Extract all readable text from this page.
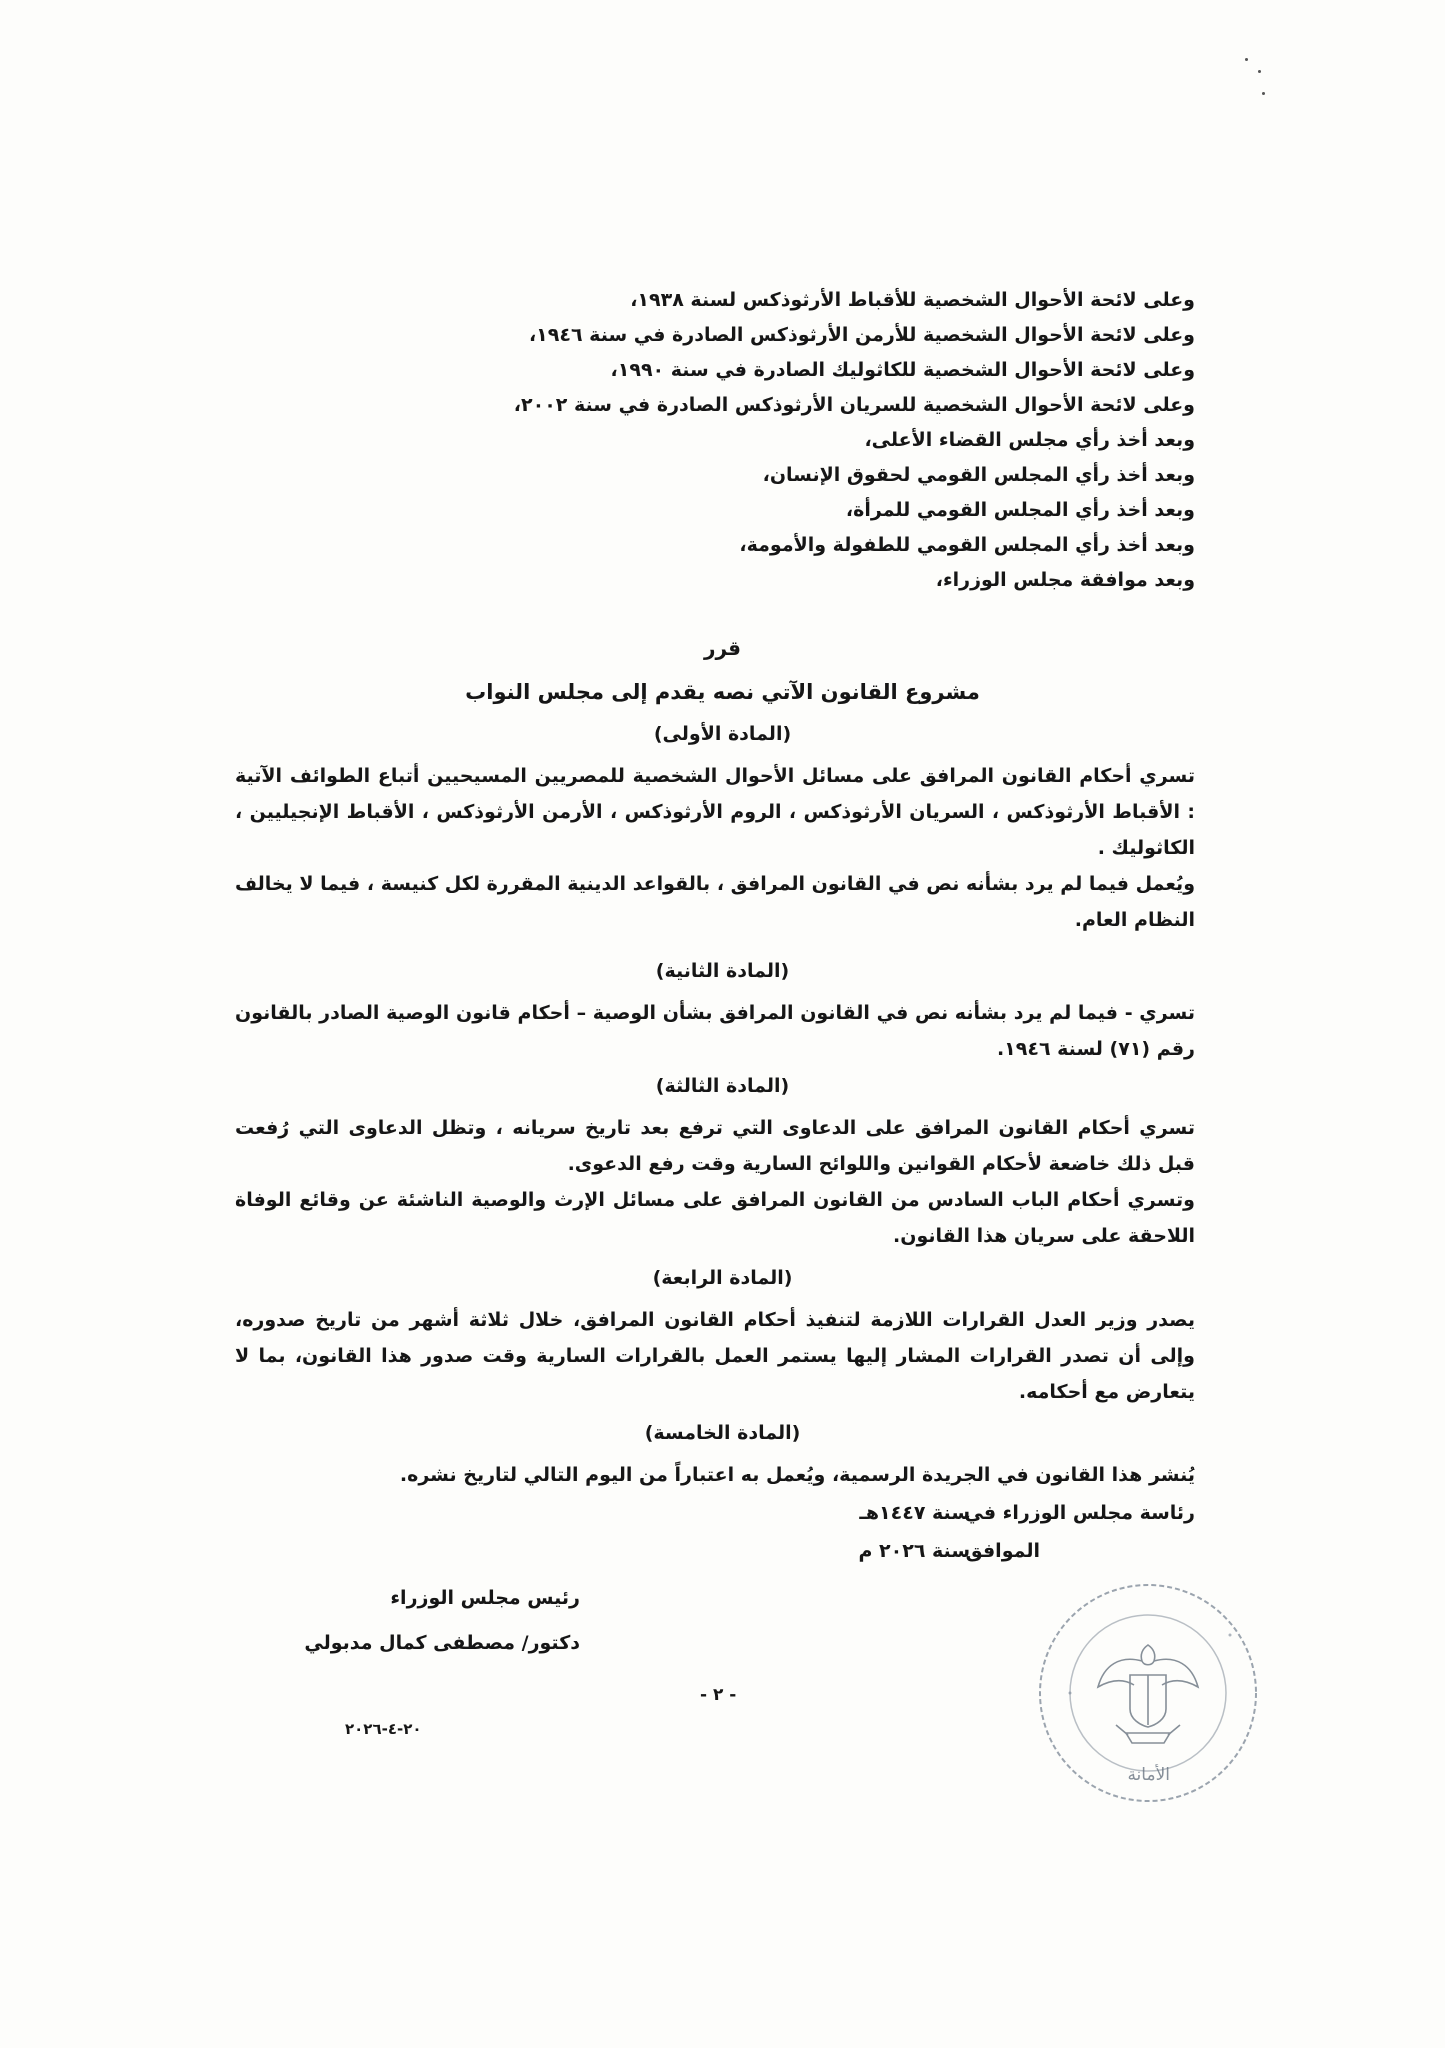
وعلى لائحة الأحوال الشخصية للأقباط الأرثوذكس لسنة ١٩٣٨،
وعلى لائحة الأحوال الشخصية للأرمن الأرثوذكس الصادرة في سنة ١٩٤٦،
وعلى لائحة الأحوال الشخصية للكاثوليك الصادرة في سنة ١٩٩٠،
وعلى لائحة الأحوال الشخصية للسريان الأرثوذكس الصادرة في سنة ٢٠٠٢،
وبعد أخذ رأي مجلس القضاء الأعلى،
وبعد أخذ رأي المجلس القومي لحقوق الإنسان،
وبعد أخذ رأي المجلس القومي للمرأة،
وبعد أخذ رأي المجلس القومي للطفولة والأمومة،
وبعد موافقة مجلس الوزراء،
قرر
مشروع القانون الآتي نصه يقدم إلى مجلس النواب
(المادة الأولى)
تسري أحكام القانون المرافق على مسائل الأحوال الشخصية للمصريين المسيحيين أتباع الطوائف الآتية : الأقباط الأرثوذكس ، السريان الأرثوذكس ، الروم الأرثوذكس ، الأرمن الأرثوذكس ، الأقباط الإنجيليين ، الكاثوليك .
ويُعمل فيما لم يرد بشأنه نص في القانون المرافق ، بالقواعد الدينية المقررة لكل كنيسة ، فيما لا يخالف النظام العام.
(المادة الثانية)
تسري - فيما لم يرد بشأنه نص في القانون المرافق بشأن الوصية – أحكام قانون الوصية الصادر بالقانون رقم (٧١) لسنة ١٩٤٦.
(المادة الثالثة)
تسري أحكام القانون المرافق على الدعاوى التي ترفع بعد تاريخ سريانه ، وتظل الدعاوى التي رُفعت قبل ذلك خاضعة لأحكام القوانين واللوائح السارية وقت رفع الدعوى.
وتسري أحكام الباب السادس من القانون المرافق على مسائل الإرث والوصية الناشئة عن وقائع الوفاة اللاحقة على سريان هذا القانون.
(المادة الرابعة)
يصدر وزير العدل القرارات اللازمة لتنفيذ أحكام القانون المرافق، خلال ثلاثة أشهر من تاريخ صدوره، وإلى أن تصدر القرارات المشار إليها يستمر العمل بالقرارات السارية وقت صدور هذا القانون، بما لا يتعارض مع أحكامه.
(المادة الخامسة)
يُنشر هذا القانون في الجريدة الرسمية، ويُعمل به اعتباراً من اليوم التالي لتاريخ نشره.
رئاسة مجلس الوزراء في
سنة ١٤٤٧هـ
الموافق
سنة ٢٠٢٦ م
رئيس مجلس الوزراء
دكتور/ مصطفى كمال مدبولي
- ٢ -
٢٠-٤-٢٠٢٦
الأمانة
